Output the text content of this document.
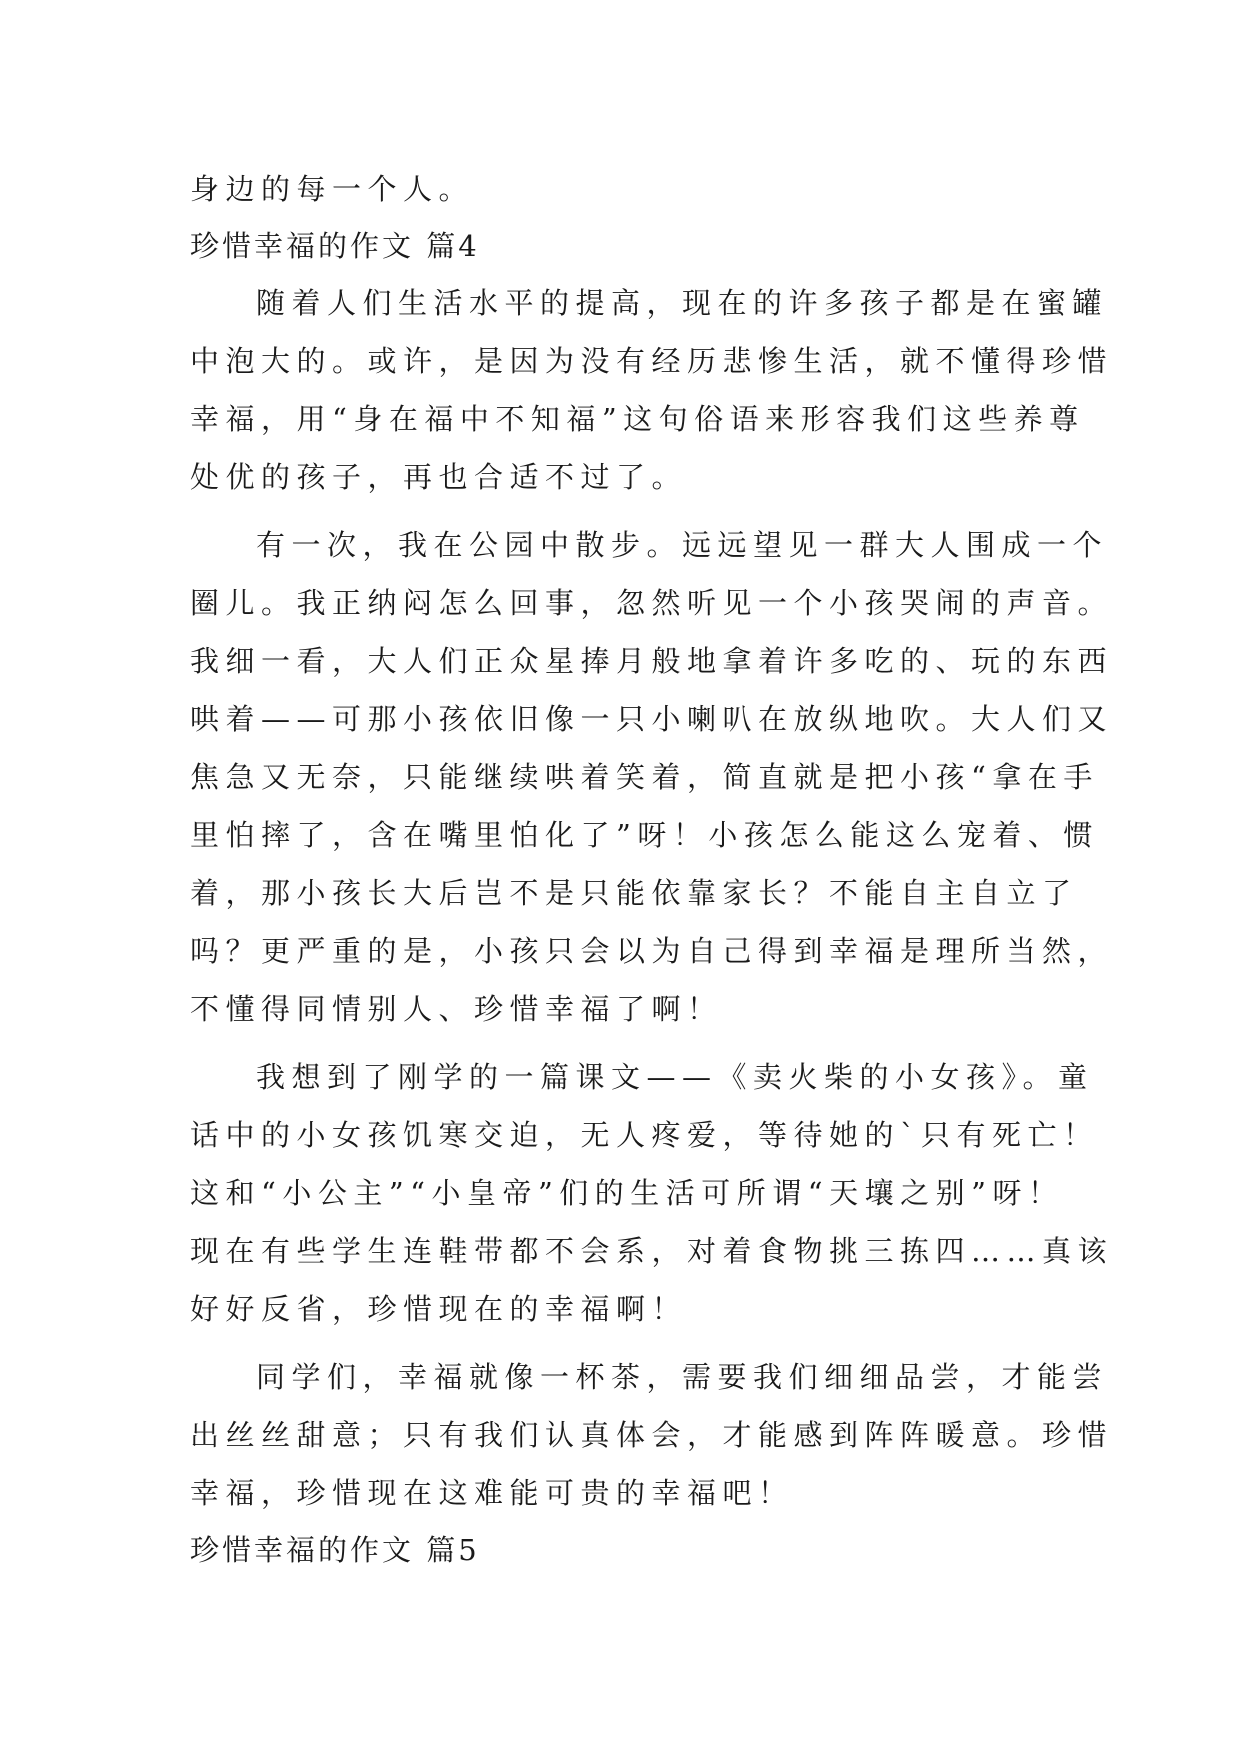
身边的每一个人。
珍惜幸福的作文 篇4
随着人们生活水平的提高，现在的许多孩子都是在蜜罐
中泡大的。或许，是因为没有经历悲惨生活，就不懂得珍惜
幸福，用“身在福中不知福”这句俗语来形容我们这些养尊
处优的孩子，再也合适不过了。
有一次，我在公园中散步。远远望见一群大人围成一个
圈儿。我正纳闷怎么回事，忽然听见一个小孩哭闹的声音。
我细一看，大人们正众星捧月般地拿着许多吃的、玩的东西
哄着——可那小孩依旧像一只小喇叭在放纵地吹。大人们又
焦急又无奈，只能继续哄着笑着，简直就是把小孩“拿在手
里怕摔了，含在嘴里怕化了”呀！小孩怎么能这么宠着、惯
着，那小孩长大后岂不是只能依靠家长？不能自主自立了
吗？更严重的是，小孩只会以为自己得到幸福是理所当然，
不懂得同情别人、珍惜幸福了啊！
我想到了刚学的一篇课文——《卖火柴的小女孩》。童
话中的小女孩饥寒交迫，无人疼爱，等待她的`只有死亡！
这和“小公主”“小皇帝”们的生活可所谓“天壤之别”呀！
现在有些学生连鞋带都不会系，对着食物挑三拣四……真该
好好反省，珍惜现在的幸福啊！
同学们，幸福就像一杯茶，需要我们细细品尝，才能尝
出丝丝甜意；只有我们认真体会，才能感到阵阵暖意。珍惜
幸福，珍惜现在这难能可贵的幸福吧！
珍惜幸福的作文 篇5
